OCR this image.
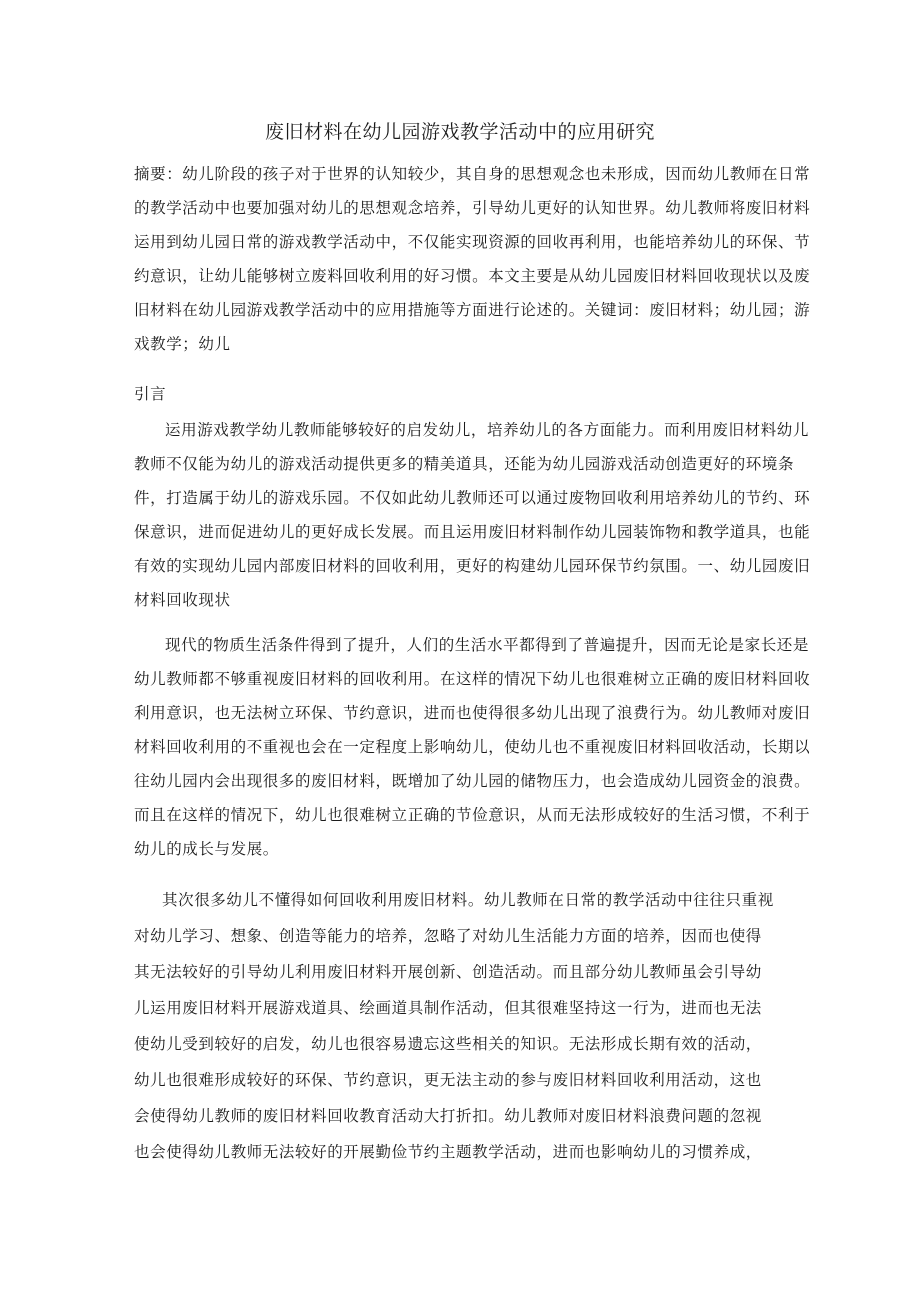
废旧材料在幼儿园游戏教学活动中的应用研究

摘要：幼儿阶段的孩子对于世界的认知较少，其自身的思想观念也未形成，因而幼儿教师在日常的教学活动中也要加强对幼儿的思想观念培养，引导幼儿更好的认知世界。幼儿教师将废旧材料运用到幼儿园日常的游戏教学活动中，不仅能实现资源的回收再利用，也能培养幼儿的环保、节约意识，让幼儿能够树立废料回收利用的好习惯。本文主要是从幼儿园废旧材料回收现状以及废旧材料在幼儿园游戏教学活动中的应用措施等方面进行论述的。关键词：废旧材料；幼儿园；游戏教学；幼儿

引言

运用游戏教学幼儿教师能够较好的启发幼儿，培养幼儿的各方面能力。而利用废旧材料幼儿教师不仅能为幼儿的游戏活动提供更多的精美道具，还能为幼儿园游戏活动创造更好的环境条件，打造属于幼儿的游戏乐园。不仅如此幼儿教师还可以通过废物回收利用培养幼儿的节约、环保意识，进而促进幼儿的更好成长发展。而且运用废旧材料制作幼儿园装饰物和教学道具，也能有效的实现幼儿园内部废旧材料的回收利用，更好的构建幼儿园环保节约氛围。一、幼儿园废旧材料回收现状

现代的物质生活条件得到了提升，人们的生活水平都得到了普遍提升，因而无论是家长还是幼儿教师都不够重视废旧材料的回收利用。在这样的情况下幼儿也很难树立正确的废旧材料回收利用意识，也无法树立环保、节约意识，进而也使得很多幼儿出现了浪费行为。幼儿教师对废旧材料回收利用的不重视也会在一定程度上影响幼儿，使幼儿也不重视废旧材料回收活动，长期以往幼儿园内会出现很多的废旧材料，既增加了幼儿园的储物压力，也会造成幼儿园资金的浪费。而且在这样的情况下，幼儿也很难树立正确的节俭意识，从而无法形成较好的生活习惯，不利于幼儿的成长与发展。

其次很多幼儿不懂得如何回收利用废旧材料。幼儿教师在日常的教学活动中往往只重视

对幼儿学习、想象、创造等能力的培养，忽略了对幼儿生活能力方面的培养，因而也使得

其无法较好的引导幼儿利用废旧材料开展创新、创造活动。而且部分幼儿教师虽会引导幼

儿运用废旧材料开展游戏道具、绘画道具制作活动，但其很难坚持这一行为，进而也无法

使幼儿受到较好的启发，幼儿也很容易遗忘这些相关的知识。无法形成长期有效的活动，

幼儿也很难形成较好的环保、节约意识，更无法主动的参与废旧材料回收利用活动，这也

会使得幼儿教师的废旧材料回收教育活动大打折扣。幼儿教师对废旧材料浪费问题的忽视

也会使得幼儿教师无法较好的开展勤俭节约主题教学活动，进而也影响幼儿的习惯养成，
